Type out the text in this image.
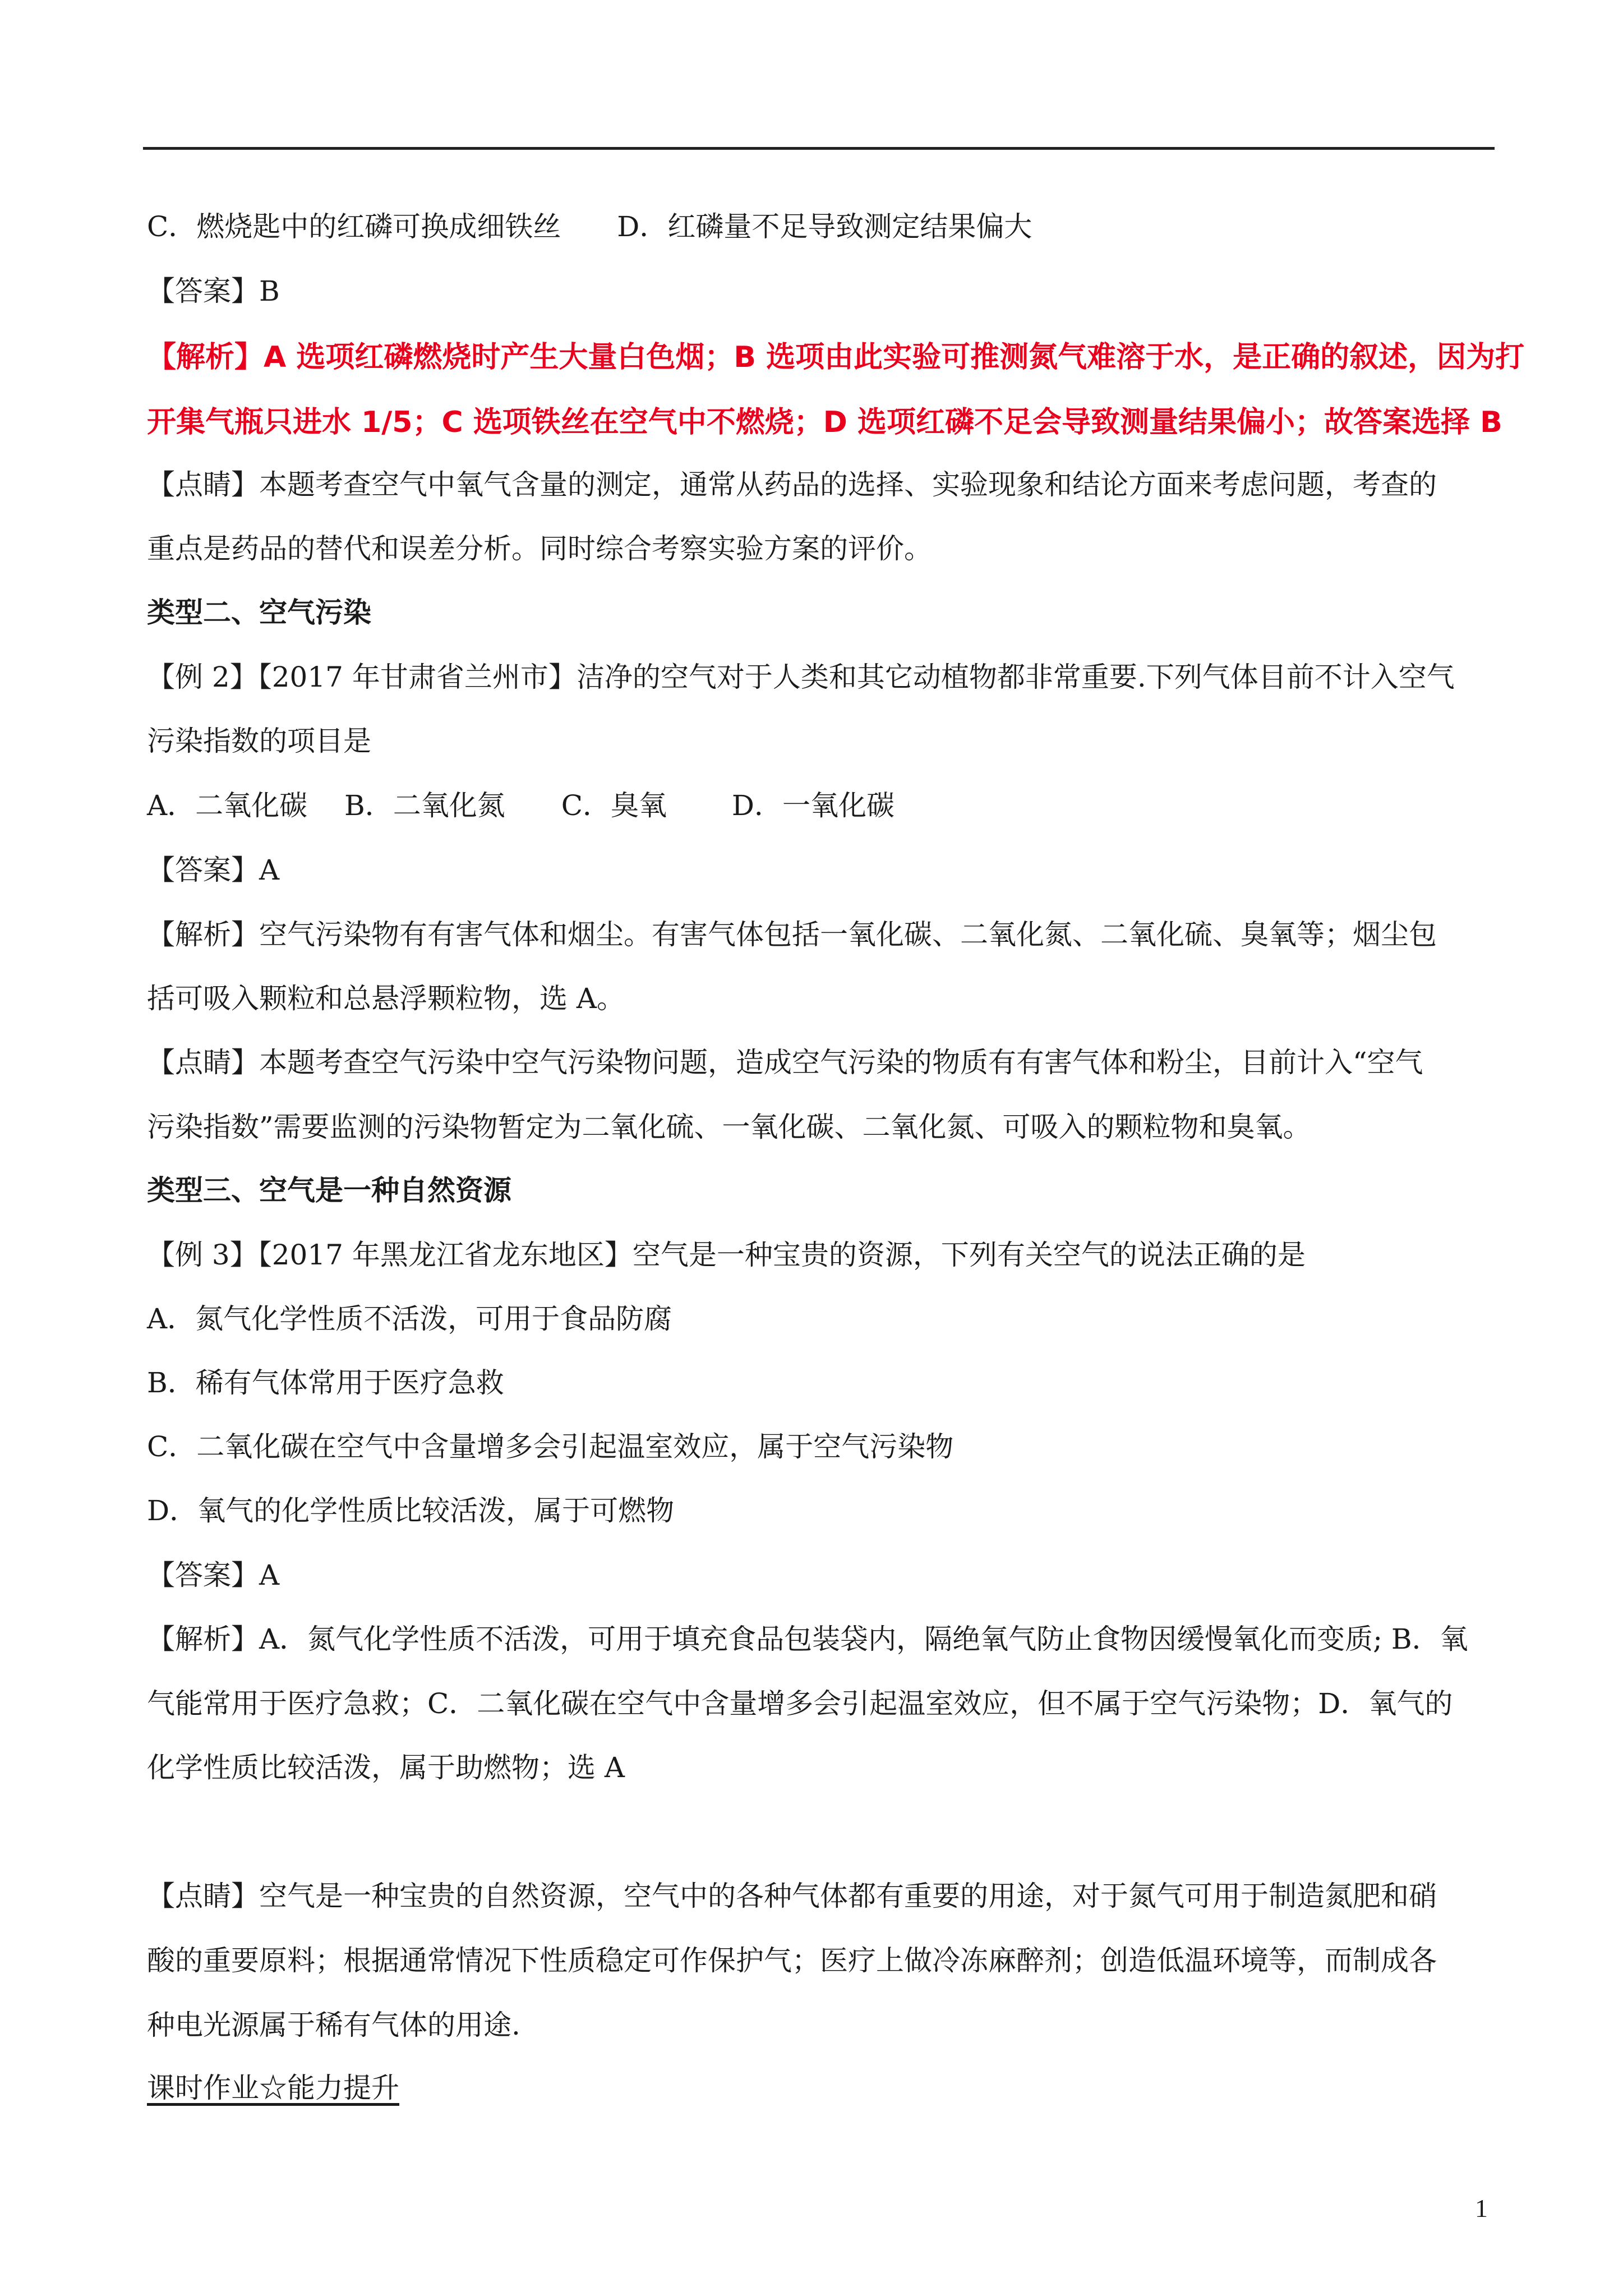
C．燃烧匙中的红磷可换成细铁丝　　D．红磷量不足导致测定结果偏大
【答案】B
【解析】A 选项红磷燃烧时产生大量白色烟；B 选项由此实验可推测氮气难溶于水，是正确的叙述，因为打
开集气瓶只进水 1/5；C 选项铁丝在空气中不燃烧；D 选项红磷不足会导致测量结果偏小；故答案选择 B
【点睛】本题考查空气中氧气含量的测定，通常从药品的选择、实验现象和结论方面来考虑问题，考查的
重点是药品的替代和误差分析。同时综合考察实验方案的评价。
类型二、空气污染
【例 2】【2017 年甘肃省兰州市】洁净的空气对于人类和其它动植物都非常重要.下列气体目前不计入空气
污染指数的项目是
A．二氧化碳　 B．二氧化氮　　C．臭氧　　 D．一氧化碳
【答案】A
【解析】空气污染物有有害气体和烟尘。有害气体包括一氧化碳、二氧化氮、二氧化硫、臭氧等；烟尘包
括可吸入颗粒和总悬浮颗粒物，选 A。
【点睛】本题考查空气污染中空气污染物问题，造成空气污染的物质有有害气体和粉尘，目前计入“空气
污染指数”需要监测的污染物暂定为二氧化硫、一氧化碳、二氧化氮、可吸入的颗粒物和臭氧。
类型三、空气是一种自然资源
【例 3】【2017 年黑龙江省龙东地区】空气是一种宝贵的资源，下列有关空气的说法正确的是
A．氮气化学性质不活泼，可用于食品防腐
B．稀有气体常用于医疗急救
C．二氧化碳在空气中含量增多会引起温室效应，属于空气污染物
D．氧气的化学性质比较活泼，属于可燃物
【答案】A
【解析】A．氮气化学性质不活泼，可用于填充食品包装袋内，隔绝氧气防止食物因缓慢氧化而变质; B．氧
气能常用于医疗急救；C．二氧化碳在空气中含量增多会引起温室效应，但不属于空气污染物；D．氧气的
化学性质比较活泼，属于助燃物；选 A
【点睛】空气是一种宝贵的自然资源，空气中的各种气体都有重要的用途，对于氮气可用于制造氮肥和硝
酸的重要原料；根据通常情况下性质稳定可作保护气；医疗上做冷冻麻醉剂；创造低温环境等，而制成各
种电光源属于稀有气体的用途.
课时作业☆能力提升
1
